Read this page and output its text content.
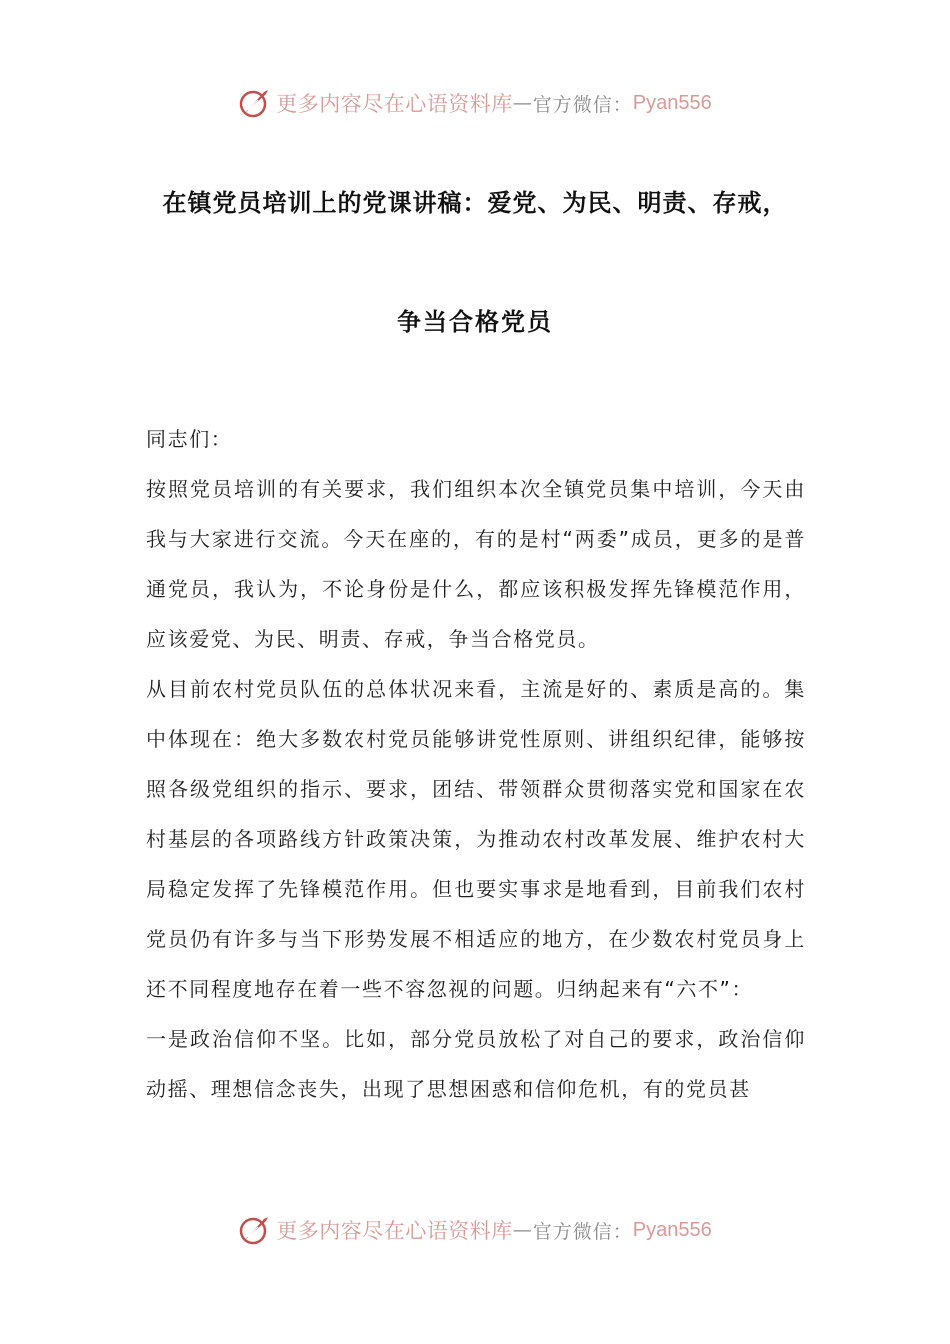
更多内容尽在心语资料库 — 官方微信： Pyan556
在镇党员培训上的党课讲稿：爱党、为民、明责、存戒，
争当合格党员

同志们：

按照党员培训的有关要求，我们组织本次全镇党员集中培训，今天由我与大家进行交流。今天在座的，有的是村“两委”成员，更多的是普通党员，我认为，不论身份是什么，都应该积极发挥先锋模范作用，应该爱党、为民、明责、存戒，争当合格党员。

从目前农村党员队伍的总体状况来看，主流是好的、素质是高的。集中体现在：绝大多数农村党员能够讲党性原则、讲组织纪律，能够按照各级党组织的指示、要求，团结、带领群众贯彻落实党和国家在农村基层的各项路线方针政策决策，为推动农村改革发展、维护农村大局稳定发挥了先锋模范作用。但也要实事求是地看到，目前我们农村党员仍有许多与当下形势发展不相适应的地方，在少数农村党员身上还不同程度地存在着一些不容忽视的问题。归纳起来有“六不”：

一是政治信仰不坚。比如，部分党员放松了对自己的要求，政治信仰动摇、理想信念丧失，出现了思想困惑和信仰危机，有的党员甚

更多内容尽在心语资料库 — 官方微信： Pyan556
